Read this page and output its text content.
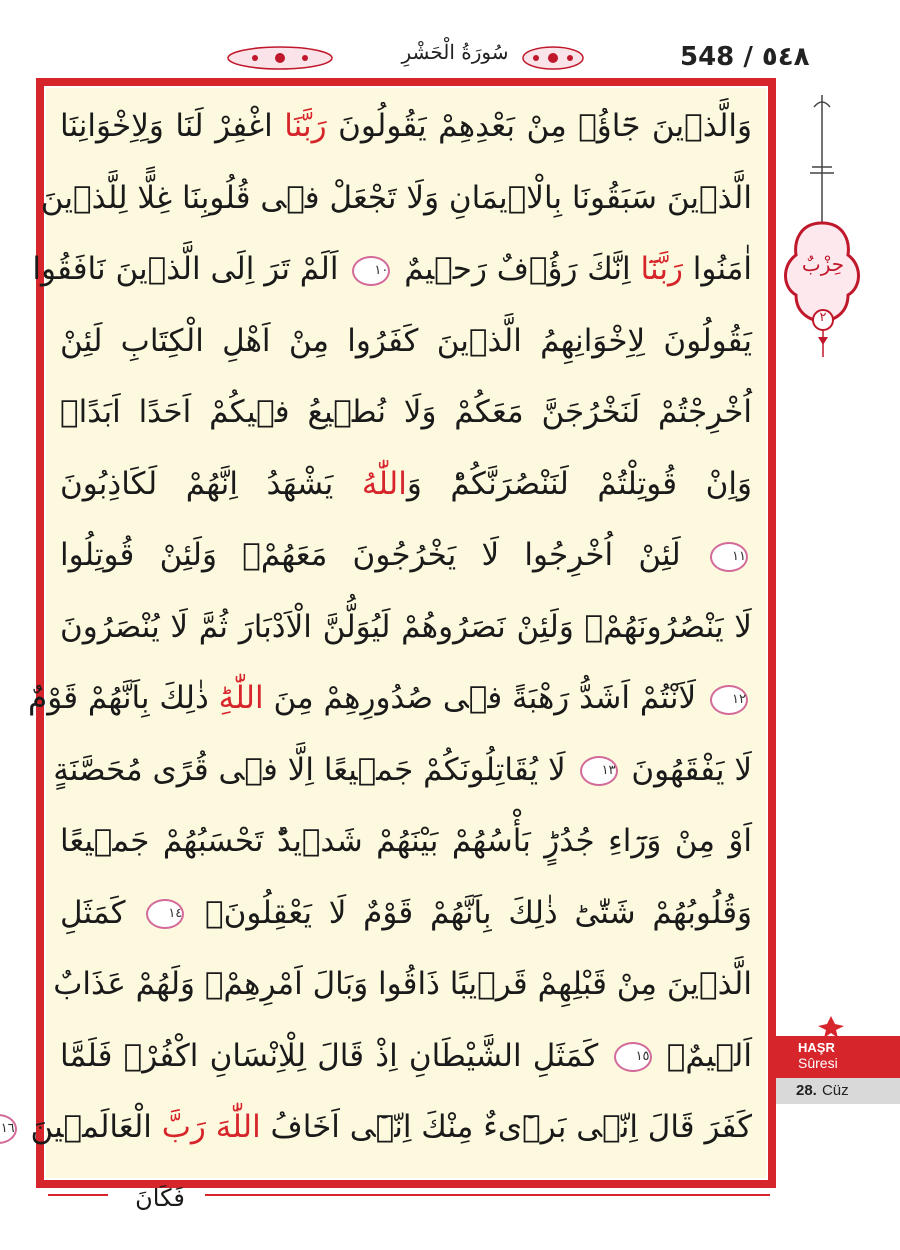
548 / ٥٤٨
سُورَةُ الْحَشْرِ
وَالَّذٖينَ جَٓاؤُ۫ مِنْ بَعْدِهِمْ يَقُولُونَ رَبَّنَا اغْفِرْ لَنَا وَلِاِخْوَانِنَا
الَّذٖينَ سَبَقُونَا بِالْا۪يمَانِ وَلَا تَجْعَلْ فٖى قُلُوبِنَا غِلًّا لِلَّذٖينَ
اٰمَنُوا رَبَّنَٓا اِنَّكَ رَؤُ۫فٌ رَحٖيمٌ ١٠ اَلَمْ تَرَ اِلَى الَّذٖينَ نَافَقُوا
يَقُولُونَ لِاِخْوَانِهِمُ الَّذٖينَ كَفَرُوا مِنْ اَهْلِ الْكِتَابِ لَئِنْ
اُخْرِجْتُمْ لَنَخْرُجَنَّ مَعَكُمْ وَلَا نُطٖيعُ فٖيكُمْ اَحَدًا اَبَدًاۙ
وَاِنْ قُوتِلْتُمْ لَنَنْصُرَنَّكُمْؕ وَاللّٰهُ يَشْهَدُ اِنَّهُمْ لَكَاذِبُونَ
١١ لَئِنْ اُخْرِجُوا لَا يَخْرُجُونَ مَعَهُمْۚ وَلَئِنْ قُوتِلُوا
لَا يَنْصُرُونَهُمْۚ وَلَئِنْ نَصَرُوهُمْ لَيُوَلُّنَّ الْاَدْبَارَ ثُمَّ لَا يُنْصَرُونَ
١٢ لَاَنْتُمْ اَشَدُّ رَهْبَةً فٖى صُدُورِهِمْ مِنَ اللّٰهِؕ ذٰلِكَ بِاَنَّهُمْ قَوْمٌ
لَا يَفْقَهُونَ ١٣ لَا يُقَاتِلُونَكُمْ جَمٖيعًا اِلَّا فٖى قُرًى مُحَصَّنَةٍ
اَوْ مِنْ وَرَٓاءِ جُدُرٍؕ بَأْسُهُمْ بَيْنَهُمْ شَدٖيدٌؕ تَحْسَبُهُمْ جَمٖيعًا
وَقُلُوبُهُمْ شَتّٰىؕ ذٰلِكَ بِاَنَّهُمْ قَوْمٌ لَا يَعْقِلُونَۚ ١٤ كَمَثَلِ
الَّذٖينَ مِنْ قَبْلِهِمْ قَرٖيبًا ذَاقُوا وَبَالَ اَمْرِهِمْۚ وَلَهُمْ عَذَابٌ
اَلٖيمٌۚ ١٥ كَمَثَلِ الشَّيْطَانِ اِذْ قَالَ لِلْاِنْسَانِ اكْفُرْۚ فَلَمَّا
كَفَرَ قَالَ اِنّٖى بَرٖٓیءٌ مِنْكَ اِنّٖٓى اَخَافُ اللّٰهَ رَبَّ الْعَالَمٖينَ ١٦
فَكَانَ
حِزْبٌ
٢
HAŞR
Sûresi
28. Cüz
